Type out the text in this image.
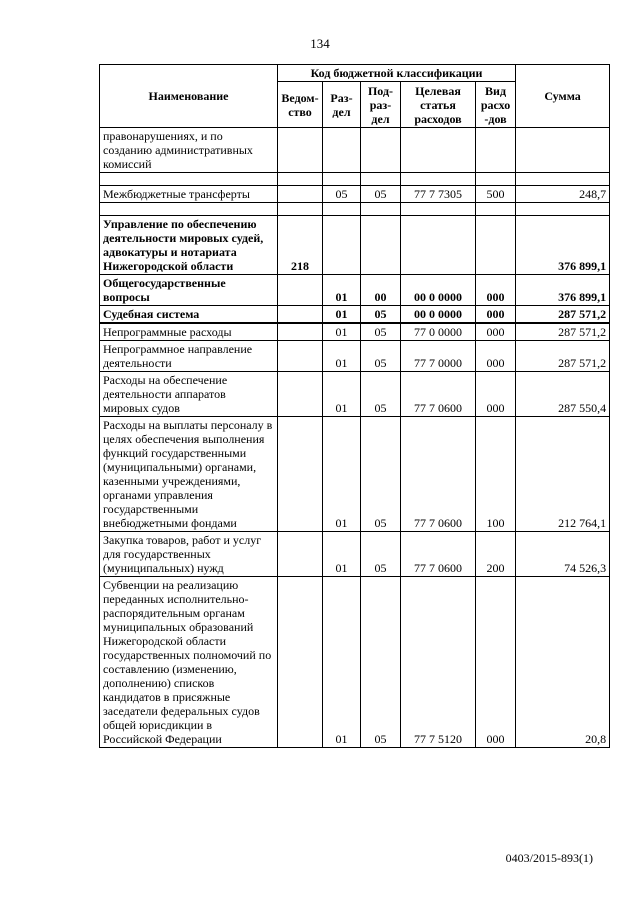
134
Наименование	Код бюджетной классификации					Сумма
	Ведом-ство	Раз-дел	Под-раз-дел	Целевая статья расходов	Вид расхо -дов	
правонарушениях, и по созданию административных комиссий						

Межбюджетные трансферты		05	05	77 7 7305	500	248,7

Управление по обеспечению деятельности мировых судей, адвокатуры и нотариата Нижегородской области	218					376 899,1
Общегосударственные вопросы		01	00	00 0 0000	000	376 899,1
Судебная система		01	05	00 0 0000	000	287 571,2
Непрограммные расходы		01	05	77 0 0000	000	287 571,2
Непрограммное направление деятельности		01	05	77 7 0000	000	287 571,2
Расходы на обеспечение деятельности аппаратов мировых судов		01	05	77 7 0600	000	287 550,4
Расходы на выплаты персоналу в целях обеспечения выполнения функций государственными (муниципальными) органами, казенными учреждениями, органами управления государственными внебюджетными фондами		01	05	77 7 0600	100	212 764,1
Закупка товаров, работ и услуг для государственных (муниципальных) нужд		01	05	77 7 0600	200	74 526,3
Субвенции на реализацию переданных исполнительно-распорядительным органам муниципальных образований Нижегородской области государственных полномочий по составлению (изменению, дополнению) списков кандидатов в присяжные заседатели федеральных судов общей юрисдикции в Российской Федерации		01	05	77 7 5120	000	20,8
0403/2015-893(1)
